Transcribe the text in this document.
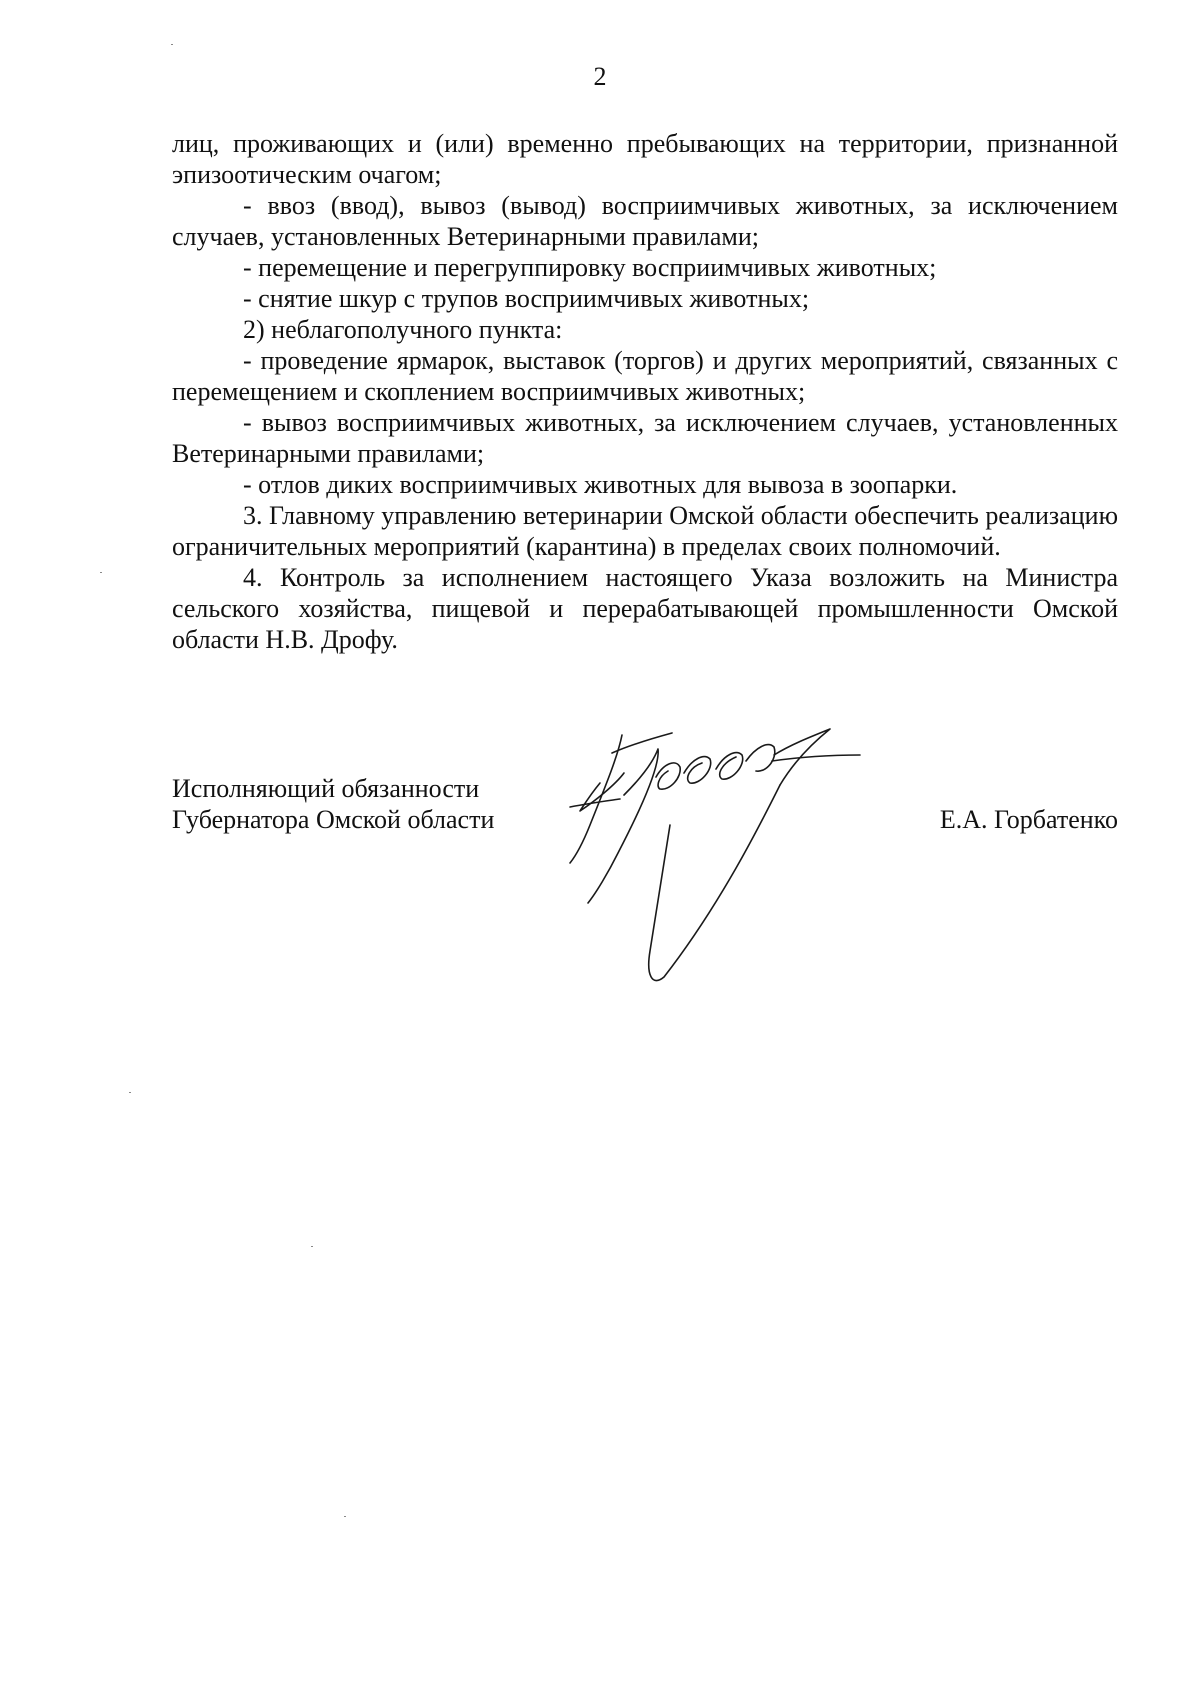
2

лиц, проживающих и (или) временно пребывающих на территории, признанной эпизоотическим очагом;

- ввоз (ввод), вывоз (вывод) восприимчивых животных, за исключением случаев, установленных Ветеринарными правилами;

- перемещение и перегруппировку восприимчивых животных;

- снятие шкур с трупов восприимчивых животных;

2) неблагополучного пункта:

- проведение ярмарок, выставок (торгов) и других мероприятий, связанных с перемещением и скоплением восприимчивых животных;

- вывоз восприимчивых животных, за исключением случаев, установленных Ветеринарными правилами;

- отлов диких восприимчивых животных для вывоза в зоопарки.

3. Главному управлению ветеринарии Омской области обеспечить реализацию ограничительных мероприятий (карантина) в пределах своих полномочий.

4. Контроль за исполнением настоящего Указа возложить на Министра сельского хозяйства, пищевой и перерабатывающей промышленности Омской области Н.В. Дрофу.

Исполняющий обязанности
Губернатора Омской области	Е.А. Горбатенко
